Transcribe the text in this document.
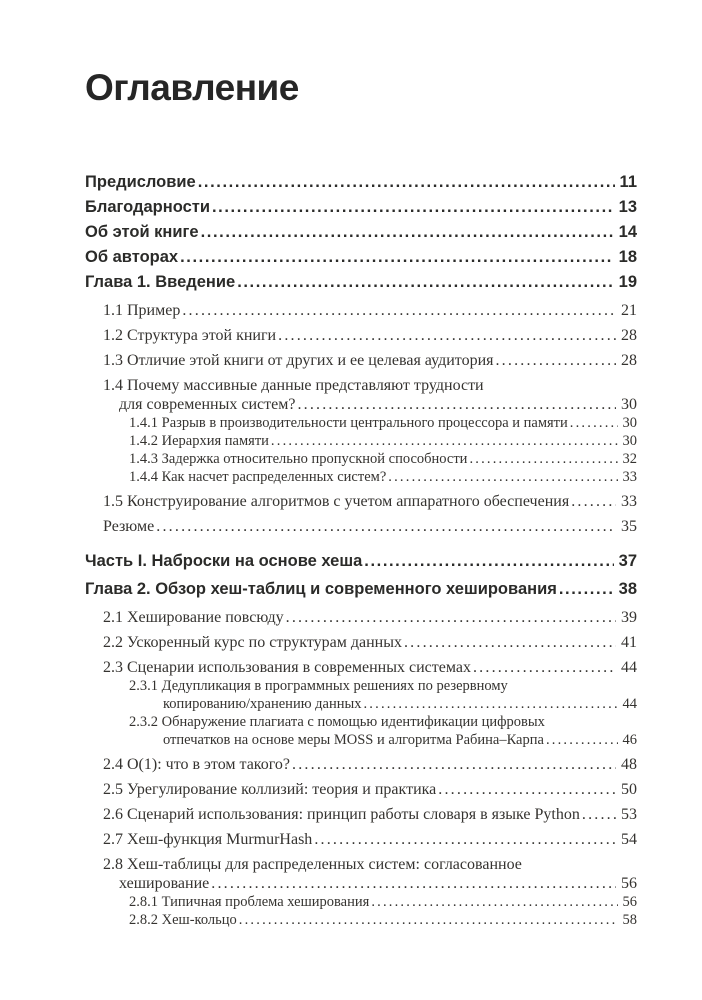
Оглавление
Предисловие .....	11
Благодарности .....	13
Об этой книге .....	14
Об авторах .....	18
Глава 1. Введение .....	19
1.1 Пример .....	21
1.2 Структура этой книги .....	28
1.3 Отличие этой книги от других и ее целевая аудитория .....	28
1.4 Почему массивные данные представляют трудности
для современных систем? .....	30
1.4.1 Разрыв в производительности центрального процессора и памяти .....	30
1.4.2 Иерархия памяти .....	30
1.4.3 Задержка относительно пропускной способности .....	32
1.4.4 Как насчет распределенных систем? .....	33
1.5 Конструирование алгоритмов с учетом аппаратного обеспечения .....	33
Резюме .....	35
Часть I. Наброски на основе хеша .....	37
Глава 2. Обзор хеш-таблиц и современного хеширования .....	38
2.1 Хеширование повсюду .....	39
2.2 Ускоренный курс по структурам данных .....	41
2.3 Сценарии использования в современных системах .....	44
2.3.1 Дедупликация в программных решениях по резервному
копированию/хранению данных .....	44
2.3.2 Обнаружение плагиата с помощью идентификации цифровых
отпечатков на основе меры MOSS и алгоритма Рабина–Карпа .....	46
2.4 O(1): что в этом такого? .....	48
2.5 Урегулирование коллизий: теория и практика .....	50
2.6 Сценарий использования: принцип работы словаря в языке Python .....	53
2.7 Хеш-функция MurmurHash .....	54
2.8 Хеш-таблицы для распределенных систем: согласованное
хеширование .....	56
2.8.1 Типичная проблема хеширования .....	56
2.8.2 Хеш-кольцо .....	58
